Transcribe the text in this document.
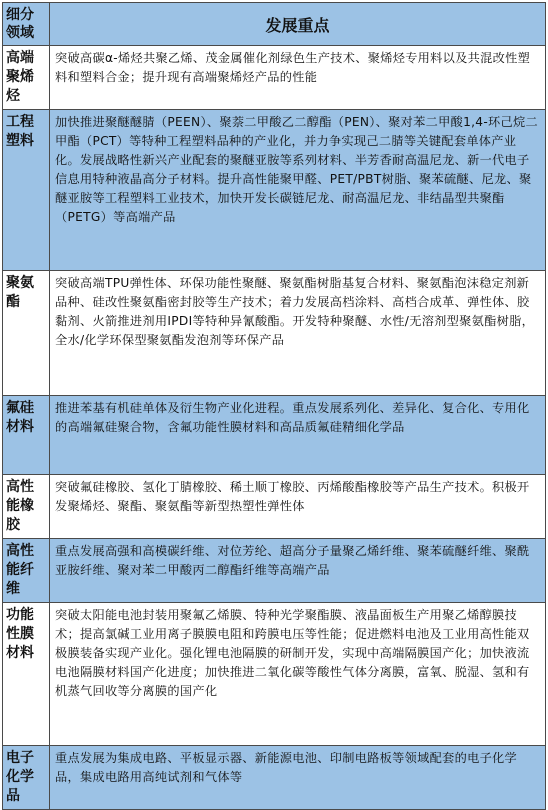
细分领域	发展重点
高端聚烯烃	突破高碳α-烯烃共聚乙烯、茂金属催化剂绿色生产技术、聚烯烃专用料以及共混改性塑料和塑料合金；提升现有高端聚烯烃产品的性能
工程塑料	加快推进聚醚醚腈（PEEN）、聚萘二甲酸乙二醇酯（PEN）、聚对苯二甲酸1,4-环己烷二甲酯（PCT）等特种工程塑料品种的产业化，并力争实现己二腈等关键配套单体产业化。发展战略性新兴产业配套的聚醚亚胺等系列材料、半芳香耐高温尼龙、新一代电子信息用特种液晶高分子材料。提升高性能聚甲醛、PET/PBT树脂、聚苯硫醚、尼龙、聚醚亚胺等工程塑料工业技术，加快开发长碳链尼龙、耐高温尼龙、非结晶型共聚酯（PETG）等高端产品
聚氨酯	突破高端TPU弹性体、环保功能性聚醚、聚氨酯树脂基复合材料、聚氨酯泡沫稳定剂新品种、硅改性聚氨酯密封胶等生产技术；着力发展高档涂料、高档合成革、弹性体、胶黏剂、火箭推进剂用IPDI等特种异氰酸酯。开发特种聚醚、水性/无溶剂型聚氨酯树脂，全水/化学环保型聚氨酯发泡剂等环保产品
氟硅材料	推进苯基有机硅单体及衍生物产业化进程。重点发展系列化、差异化、复合化、专用化的高端氟硅聚合物，含氟功能性膜材料和高品质氟硅精细化学品
高性能橡胶	突破氟硅橡胶、氢化丁腈橡胶、稀土顺丁橡胶、丙烯酸酯橡胶等产品生产技术。积极开发聚烯烃、聚酯、聚氨酯等新型热塑性弹性体
高性能纤维	重点发展高强和高模碳纤维、对位芳纶、超高分子量聚乙烯纤维、聚苯硫醚纤维、聚酰亚胺纤维、聚对苯二甲酸丙二醇酯纤维等高端产品
功能性膜材料	突破太阳能电池封装用聚氟乙烯膜、特种光学聚酯膜、液晶面板生产用聚乙烯醇膜技术；提高氯碱工业用离子膜膜电阻和跨膜电压等性能；促进燃料电池及工业用高性能双极膜装备实现产业化。强化锂电池隔膜的研制开发，实现中高端隔膜国产化；加快液流电池隔膜材料国产化进度；加快推进二氧化碳等酸性气体分离膜，富氧、脱湿、氢和有机蒸气回收等分离膜的国产化
电子化学品	重点发展为集成电路、平板显示器、新能源电池、印制电路板等领域配套的电子化学品，集成电路用高纯试剂和气体等
